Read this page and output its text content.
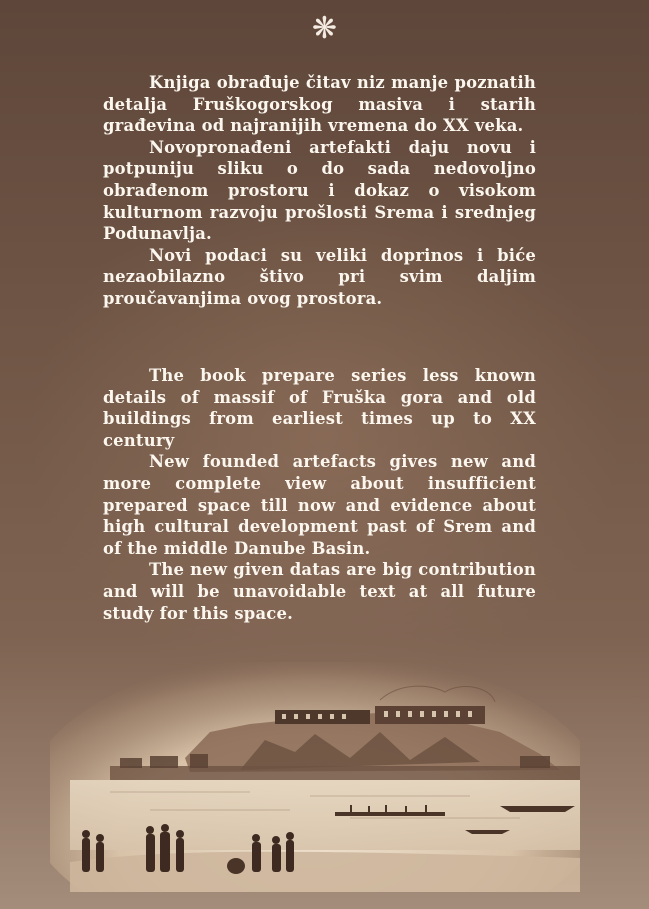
❋

Knjiga obrađuje čitav niz manje poznatih detalja Fruškogorskog masiva i starih građevina od najranijih vremena do XX veka.

Novopronađeni artefakti daju novu i potpuniju sliku o do sada nedovoljno obrađenom prostoru i dokaz o visokom kulturnom razvoju prošlosti Srema i srednjeg Podunavlja.

Novi podaci su veliki doprinos i biće nezaobilazno štivo pri svim daljim proučavanjima ovog prostora.

The book prepare series less known details of massif of Fruška gora and old buildings from earliest times up to XX century

New founded artefacts gives new and more complete view about insufficient prepared space till now and evidence about high cultural development past of Srem and of the middle Danube Basin.

The new given datas are big contribution and will be unavoidable text at all future study for this space.
